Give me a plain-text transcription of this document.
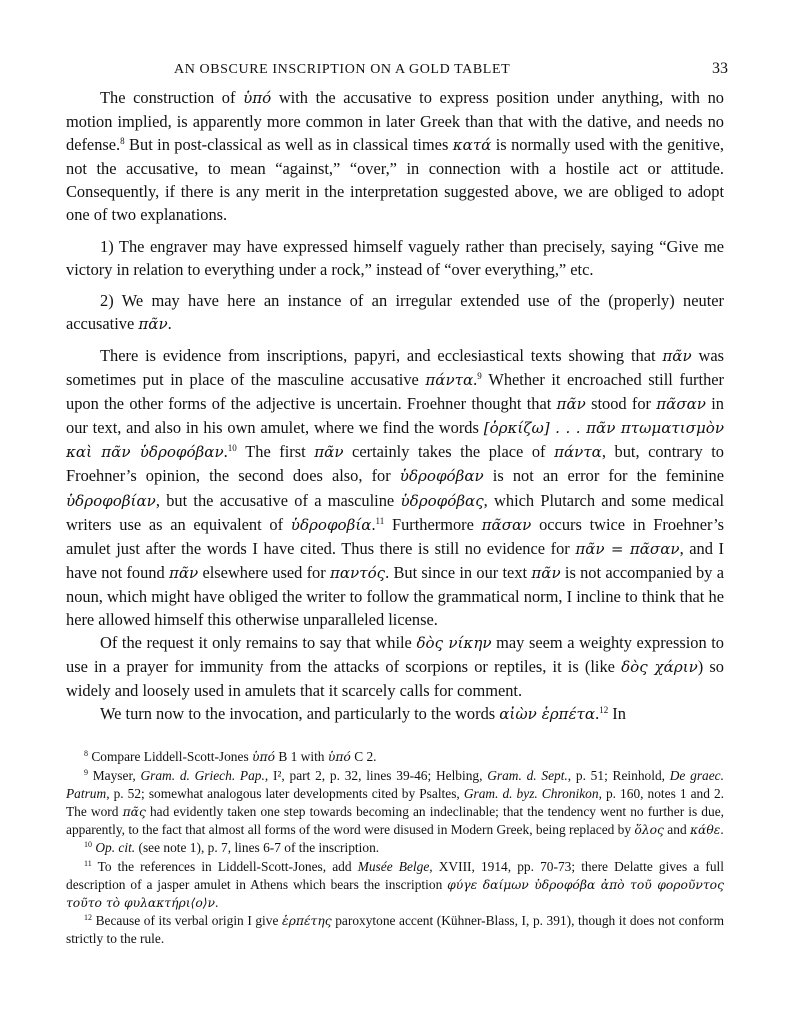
AN OBSCURE INSCRIPTION ON A GOLD TABLET	33

The construction of ὑπό with the accusative to express position under anything, with no motion implied, is apparently more common in later Greek than that with the dative, and needs no defense.$^8$ But in post-classical as well as in classical times κατά is normally used with the genitive, not the accusative, to mean “against,” “over,” in connection with a hostile act or attitude. Consequently, if there is any merit in the interpretation suggested above, we are obliged to adopt one of two explanations.

1) The engraver may have expressed himself vaguely rather than precisely, saying “Give me victory in relation to everything under a rock,” instead of “over everything,” etc.

2) We may have here an instance of an irregular extended use of the (properly) neuter accusative πᾶν.

There is evidence from inscriptions, papyri, and ecclesiastical texts showing that πᾶν was sometimes put in place of the masculine accusative πάντα.$^9$ Whether it encroached still further upon the other forms of the adjective is uncertain. Froehner thought that πᾶν stood for πᾶσαν in our text, and also in his own amulet, where we find the words [ὁρκίζω] . . . πᾶν πτωματισμὸν καὶ πᾶν ὑδροφόβαν.$^{10}$ The first πᾶν certainly takes the place of πάντα, but, contrary to Froehner’s opinion, the second does also, for ὑδροφόβαν is not an error for the feminine ὑδροφοβίαν, but the accusative of a masculine ὑδροφόβας, which Plutarch and some medical writers use as an equivalent of ὑδροφοβία.$^{11}$ Furthermore πᾶσαν occurs twice in Froehner’s amulet just after the words I have cited. Thus there is still no evidence for πᾶν = πᾶσαν, and I have not found πᾶν elsewhere used for παντός. But since in our text πᾶν is not accompanied by a noun, which might have obliged the writer to follow the grammatical norm, I incline to think that he here allowed himself this otherwise unparalleled license.

Of the request it only remains to say that while δὸς νίκην may seem a weighty expression to use in a prayer for immunity from the attacks of scorpions or reptiles, it is (like δὸς χάριν) so widely and loosely used in amulets that it scarcely calls for comment.

We turn now to the invocation, and particularly to the words αἰὼν ἑρπέτα.$^{12}$ In

$^8$ Compare Liddell-Scott-Jones ὑπό B 1 with ὑπό C 2.

$^9$ Mayser, Gram. d. Griech. Pap., I², part 2, p. 32, lines 39-46; Helbing, Gram. d. Sept., p. 51; Reinhold, De graec. Patrum, p. 52; somewhat analogous later developments cited by Psaltes, Gram. d. byz. Chronikon, p. 160, notes 1 and 2. The word πᾶς had evidently taken one step towards becoming an indeclinable; that the tendency went no further is due, apparently, to the fact that almost all forms of the word were disused in Modern Greek, being replaced by ὅλος and κάθε.

$^{10}$ Op. cit. (see note 1), p. 7, lines 6-7 of the inscription.

$^{11}$ To the references in Liddell-Scott-Jones, add Musée Belge, XVIII, 1914, pp. 70-73; there Delatte gives a full description of a jasper amulet in Athens which bears the inscription φύγε δαίμων ὑδροφόβα ἀπὸ τοῦ φοροῦντος τοῦτο τὸ φυλακτήρι⟨ο⟩ν.

$^{12}$ Because of its verbal origin I give ἑρπέτης paroxytone accent (Kühner-Blass, I, p. 391), though it does not conform strictly to the rule.
